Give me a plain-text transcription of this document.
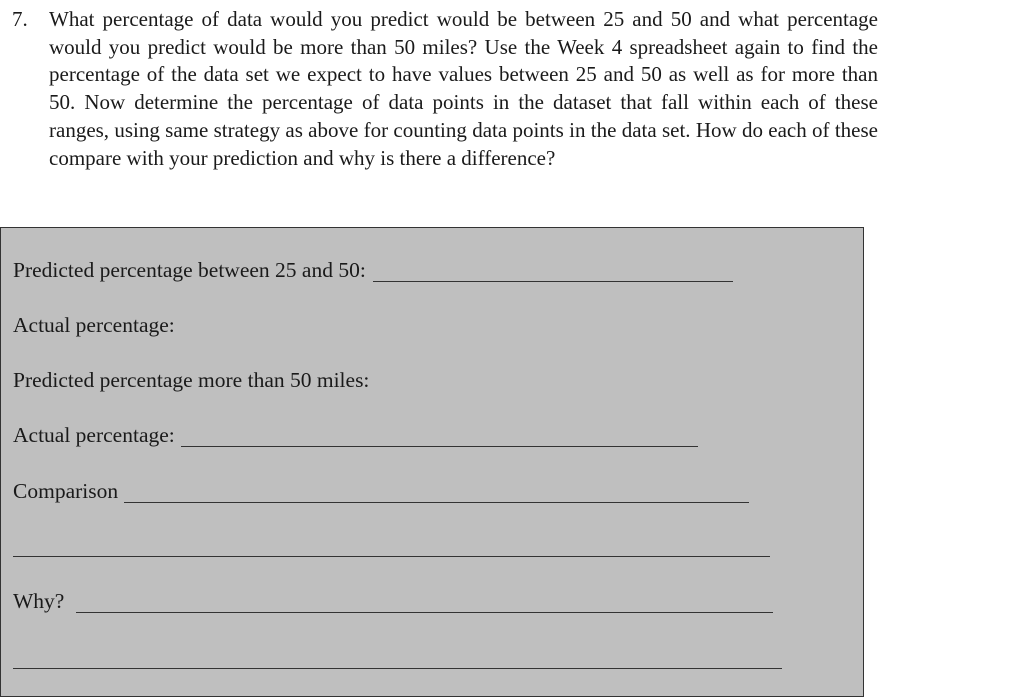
7. What percentage of data would you predict would be between 25 and 50 and what percentage would you predict would be more than 50 miles? Use the Week 4 spreadsheet again to find the percentage of the data set we expect to have values between 25 and 50 as well as for more than 50. Now determine the percentage of data points in the dataset that fall within each of these ranges, using same strategy as above for counting data points in the data set. How do each of these compare with your prediction and why is there a difference?
Predicted percentage between 25 and 50:
Actual percentage:
Predicted percentage more than 50 miles:
Actual percentage:
Comparison
Why?
